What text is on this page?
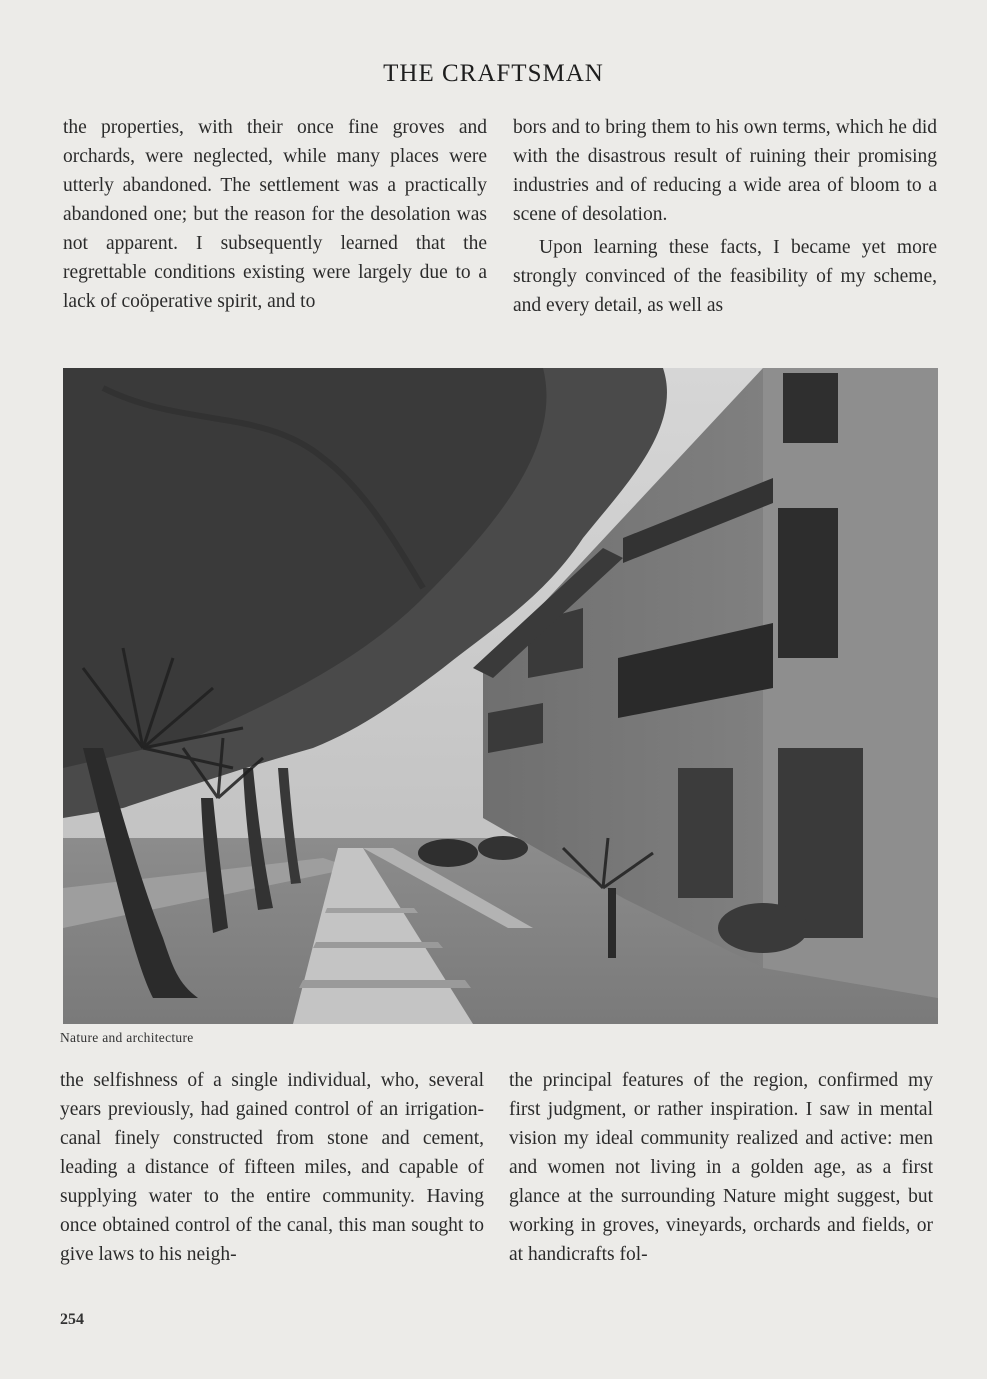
THE CRAFTSMAN

the properties, with their once fine groves and orchards, were neglected, while many places were utterly abandoned. The settlement was a practically abandoned one; but the reason for the desolation was not apparent. I subsequently learned that the regrettable conditions existing were largely due to a lack of coöperative spirit, and to

bors and to bring them to his own terms, which he did with the disastrous result of ruining their promising industries and of reducing a wide area of bloom to a scene of desolation.

Upon learning these facts, I became yet more strongly convinced of the feasibility of my scheme, and every detail, as well as

Nature and architecture

the selfishness of a single individual, who, several years previously, had gained control of an irrigation-canal finely constructed from stone and cement, leading a distance of fifteen miles, and capable of supplying water to the entire community. Having once obtained control of the canal, this man sought to give laws to his neigh-

the principal features of the region, confirmed my first judgment, or rather inspiration. I saw in mental vision my ideal community realized and active: men and women not living in a golden age, as a first glance at the surrounding Nature might suggest, but working in groves, vineyards, orchards and fields, or at handicrafts fol-

254
